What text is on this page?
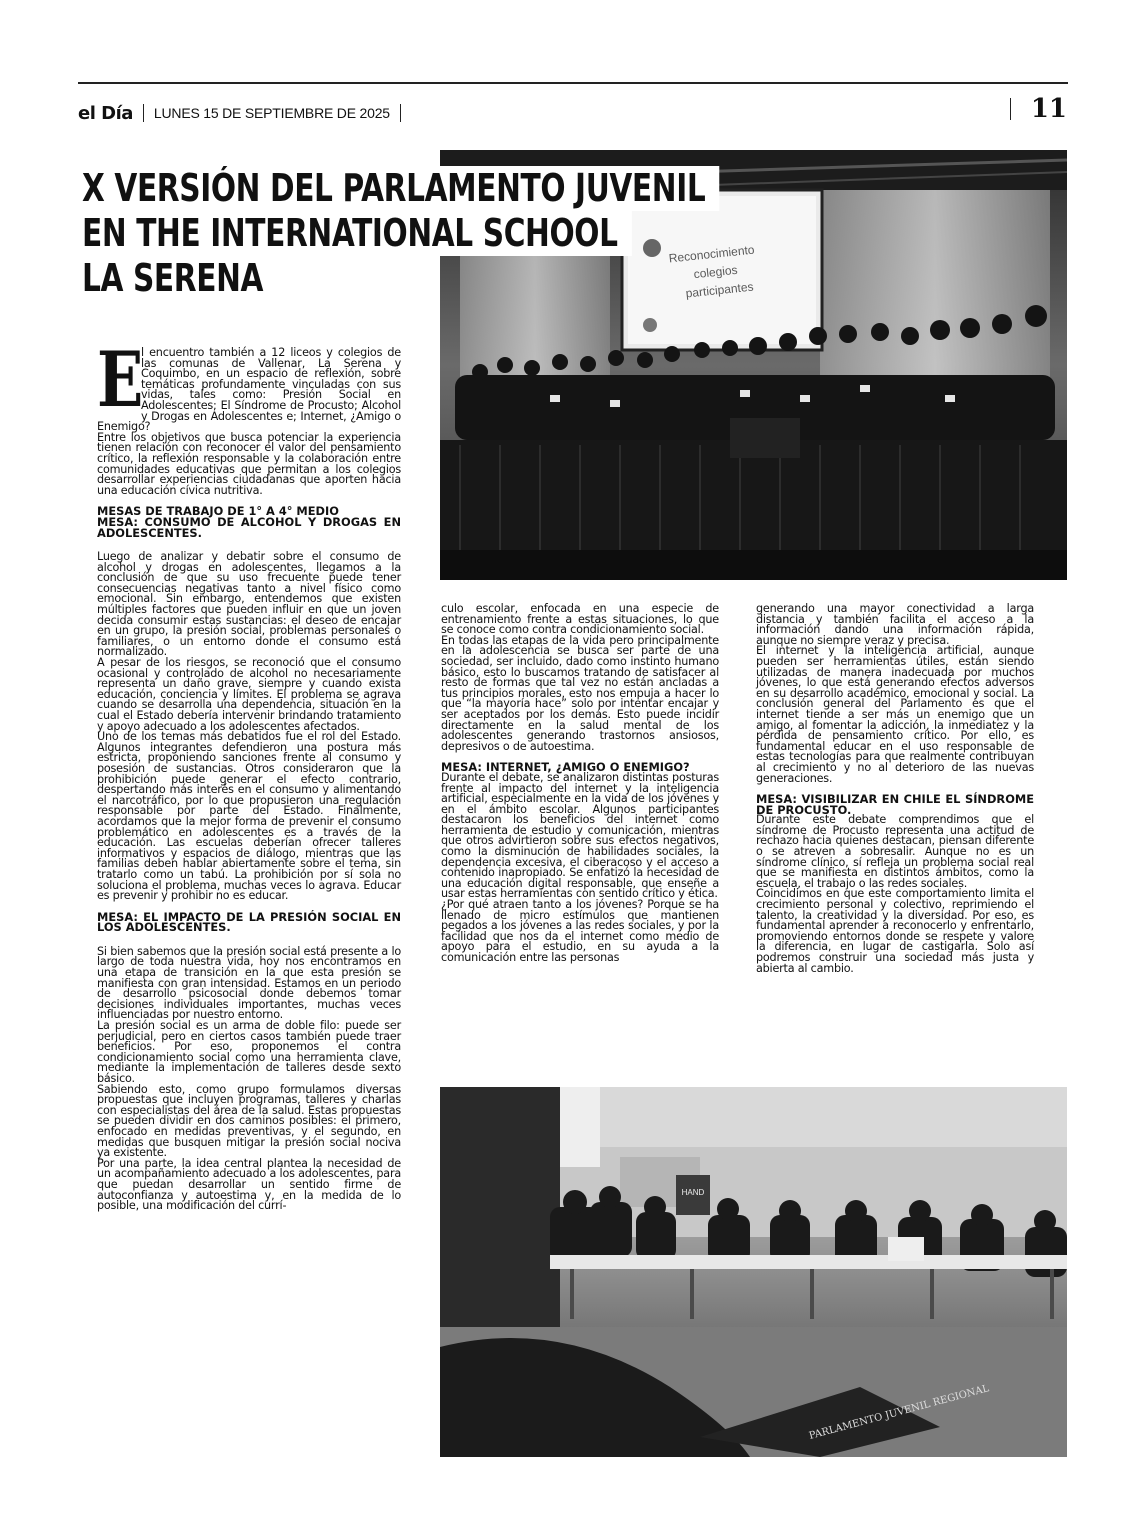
el Día LUNES 15 DE SEPTIEMBRE DE 2025	11
X VERSIÓN DEL PARLAMENTO JUVENIL
EN THE INTERNATIONAL SCHOOL
LA SERENA
Reconocimiento
colegios
participantes
HAND
PARLAMENTO JUVENIL REGIONAL

E
l encuentro también a 12 liceos y colegios de las comunas de Vallenar, La Serena y Coquimbo, en un espacio de reflexión, sobre temáticas profundamente vinculadas con sus vidas, tales como: Presión Social en Adolescentes; El Síndrome de Procusto; Alcohol y Drogas en Adolescentes e; Internet, ¿Amigo o Enemigo?

Entre los objetivos que busca potenciar la experiencia tienen relación con reconocer el valor del pensamiento crítico, la reflexión responsable y la colaboración entre comunidades educativas que permitan a los colegios desarrollar experiencias ciudadanas que aporten hacia una educación cívica nutritiva.

MESAS DE TRABAJO DE 1° A 4° MEDIO
MESA: CONSUMO DE ALCOHOL Y DROGAS EN ADOLESCENTES.

Luego de analizar y debatir sobre el consumo de alcohol y drogas en adolescentes, llegamos a la conclusión de que su uso frecuente puede tener consecuencias negativas tanto a nivel físico como emocional. Sin embargo, entendemos que existen múltiples factores que pueden influir en que un joven decida consumir estas sustancias: el deseo de encajar en un grupo, la presión social, problemas personales o familiares, o un entorno donde el consumo está normalizado.

A pesar de los riesgos, se reconoció que el consumo ocasional y controlado de alcohol no necesariamente representa un daño grave, siempre y cuando exista educación, conciencia y límites. El problema se agrava cuando se desarrolla una dependencia, situación en la cual el Estado debería intervenir brindando tratamiento y apoyo adecuado a los adolescentes afectados.

Uno de los temas más debatidos fue el rol del Estado. Algunos integrantes defendieron una postura más estricta, proponiendo sanciones frente al consumo y posesión de sustancias. Otros consideraron que la prohibición puede generar el efecto contrario, despertando más interés en el consumo y alimentando el narcotráfico, por lo que propusieron una regulación responsable por parte del Estado. Finalmente, acordamos que la mejor forma de prevenir el consumo problemático en adolescentes es a través de la educación. Las escuelas deberían ofrecer talleres informativos y espacios de diálogo, mientras que las familias deben hablar abiertamente sobre el tema, sin tratarlo como un tabú. La prohibición por sí sola no soluciona el problema, muchas veces lo agrava. Educar es prevenir y prohibir no es educar.

MESA: EL IMPACTO DE LA PRESIÓN SOCIAL EN LOS ADOLESCENTES.

Si bien sabemos que la presión social está presente a lo largo de toda nuestra vida, hoy nos encontramos en una etapa de transición en la que esta presión se manifiesta con gran intensidad. Estamos en un periodo de desarrollo psicosocial donde debemos tomar decisiones individuales importantes, muchas veces influenciadas por nuestro entorno.

La presión social es un arma de doble filo: puede ser perjudicial, pero en ciertos casos también puede traer beneficios. Por eso, proponemos el contra condicionamiento social como una herramienta clave, mediante la implementación de talleres desde sexto básico.

Sabiendo esto, como grupo formulamos diversas propuestas que incluyen programas, talleres y charlas con especialistas del área de la salud. Estas propuestas se pueden dividir en dos caminos posibles: el primero, enfocado en medidas preventivas, y el segundo, en medidas que busquen mitigar la presión social nociva ya existente.

Por una parte, la idea central plantea la necesidad de un acompañamiento adecuado a los adolescentes, para que puedan desarrollar un sentido firme de autoconfianza y autoestima y, en la medida de lo posible, una modificación del currí-

culo escolar, enfocada en una especie de entrenamiento frente a estas situaciones, lo que se conoce como contra condicionamiento social.

En todas las etapas de la vida pero principalmente en la adolescencia se busca ser parte de una sociedad, ser incluido, dado como instinto humano básico, esto lo buscamos tratando de satisfacer al resto de formas que tal vez no están ancladas a tus principios morales, esto nos empuja a hacer lo que “la mayoría hace” solo por intentar encajar y ser aceptados por los demás. Esto puede incidir directamente en la salud mental de los adolescentes generando trastornos ansiosos, depresivos o de autoestima.

MESA: INTERNET, ¿AMIGO O ENEMIGO?

Durante el debate, se analizaron distintas posturas frente al impacto del internet y la inteligencia artificial, especialmente en la vida de los jóvenes y en el ámbito escolar. Algunos participantes destacaron los beneficios del internet como herramienta de estudio y comunicación, mientras que otros advirtieron sobre sus efectos negativos, como la disminución de habilidades sociales, la dependencia excesiva, el ciberacoso y el acceso a contenido inapropiado. Se enfatizó la necesidad de una educación digital responsable, que enseñe a usar estas herramientas con sentido crítico y ética.

¿Por qué atraen tanto a los jóvenes? Porque se ha llenado de micro estímulos que mantienen pegados a los jóvenes a las redes sociales, y por la facilidad que nos da el internet como medio de apoyo para el estudio, en su ayuda a la comunicación entre las personas

generando una mayor conectividad a larga distancia y también facilita el acceso a la información dando una información rápida, aunque no siempre veraz y precisa.

El internet y la inteligencia artificial, aunque pueden ser herramientas útiles, están siendo utilizadas de manera inadecuada por muchos jóvenes, lo que está generando efectos adversos en su desarrollo académico, emocional y social. La conclusión general del Parlamento es que el internet tiende a ser más un enemigo que un amigo, al fomentar la adicción, la inmediatez y la pérdida de pensamiento crítico. Por ello, es fundamental educar en el uso responsable de estas tecnologías para que realmente contribuyan al crecimiento y no al deterioro de las nuevas generaciones.

MESA: VISIBILIZAR EN CHILE EL SÍNDROME DE PROCUSTO.

Durante este debate comprendimos que el síndrome de Procusto representa una actitud de rechazo hacia quienes destacan, piensan diferente o se atreven a sobresalir. Aunque no es un síndrome clínico, sí refleja un problema social real que se manifiesta en distintos ámbitos, como la escuela, el trabajo o las redes sociales.

Coincidimos en que este comportamiento limita el crecimiento personal y colectivo, reprimiendo el talento, la creatividad y la diversidad. Por eso, es fundamental aprender a reconocerlo y enfrentarlo, promoviendo entornos donde se respete y valore la diferencia, en lugar de castigarla. Solo así podremos construir una sociedad más justa y abierta al cambio.
